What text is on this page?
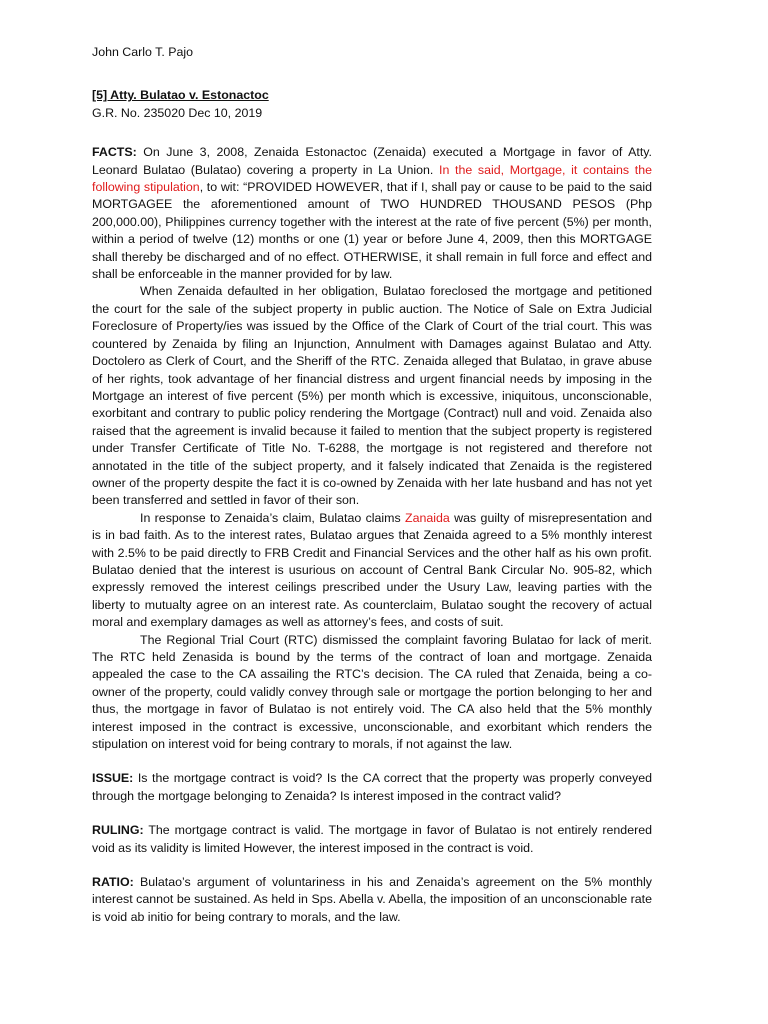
John Carlo T. Pajo

[5] Atty. Bulatao v. Estonactoc

G.R. No. 235020 Dec 10, 2019

FACTS: On June 3, 2008, Zenaida Estonactoc (Zenaida) executed a Mortgage in favor of Atty. Leonard Bulatao (Bulatao) covering a property in La Union. In the said, Mortgage, it contains the following stipulation, to wit: “PROVIDED HOWEVER, that if I, shall pay or cause to be paid to the said MORTGAGEE the aforementioned amount of TWO HUNDRED THOUSAND PESOS (Php 200,000.00), Philippines currency together with the interest at the rate of five percent (5%) per month, within a period of twelve (12) months or one (1) year or before June 4, 2009, then this MORTGAGE shall thereby be discharged and of no effect. OTHERWISE, it shall remain in full force and effect and shall be enforceable in the manner provided for by law.

When Zenaida defaulted in her obligation, Bulatao foreclosed the mortgage and petitioned the court for the sale of the subject property in public auction. The Notice of Sale on Extra Judicial Foreclosure of Property/ies was issued by the Office of the Clark of Court of the trial court. This was countered by Zenaida by filing an Injunction, Annulment with Damages against Bulatao and Atty. Doctolero as Clerk of Court, and the Sheriff of the RTC. Zenaida alleged that Bulatao, in grave abuse of her rights, took advantage of her financial distress and urgent financial needs by imposing in the Mortgage an interest of five percent (5%) per month which is excessive, iniquitous, unconscionable, exorbitant and contrary to public policy rendering the Mortgage (Contract) null and void. Zenaida also raised that the agreement is invalid because it failed to mention that the subject property is registered under Transfer Certificate of Title No. T-6288, the mortgage is not registered and therefore not annotated in the title of the subject property, and it falsely indicated that Zenaida is the registered owner of the property despite the fact it is co-owned by Zenaida with her late husband and has not yet been transferred and settled in favor of their son.

In response to Zenaida’s claim, Bulatao claims Zanaida was guilty of misrepresentation and is in bad faith. As to the interest rates, Bulatao argues that Zenaida agreed to a 5% monthly interest with 2.5% to be paid directly to FRB Credit and Financial Services and the other half as his own profit. Bulatao denied that the interest is usurious on account of Central Bank Circular No. 905-82, which expressly removed the interest ceilings prescribed under the Usury Law, leaving parties with the liberty to mutualty agree on an interest rate. As counterclaim, Bulatao sought the recovery of actual moral and exemplary damages as well as attorney’s fees, and costs of suit.

The Regional Trial Court (RTC) dismissed the complaint favoring Bulatao for lack of merit. The RTC held Zenasida is bound by the terms of the contract of loan and mortgage. Zenaida appealed the case to the CA assailing the RTC’s decision. The CA ruled that Zenaida, being a co-owner of the property, could validly convey through sale or mortgage the portion belonging to her and thus, the mortgage in favor of Bulatao is not entirely void. The CA also held that the 5% monthly interest imposed in the contract is excessive, unconscionable, and exorbitant which renders the stipulation on interest void for being contrary to morals, if not against the law.

ISSUE: Is the mortgage contract is void? Is the CA correct that the property was properly conveyed through the mortgage belonging to Zenaida? Is interest imposed in the contract valid?

RULING: The mortgage contract is valid. The mortgage in favor of Bulatao is not entirely rendered void as its validity is limited However, the interest imposed in the contract is void.

RATIO: Bulatao’s argument of voluntariness in his and Zenaida’s agreement on the 5% monthly interest cannot be sustained. As held in Sps. Abella v. Abella, the imposition of an unconscionable rate is void ab initio for being contrary to morals, and the law.
